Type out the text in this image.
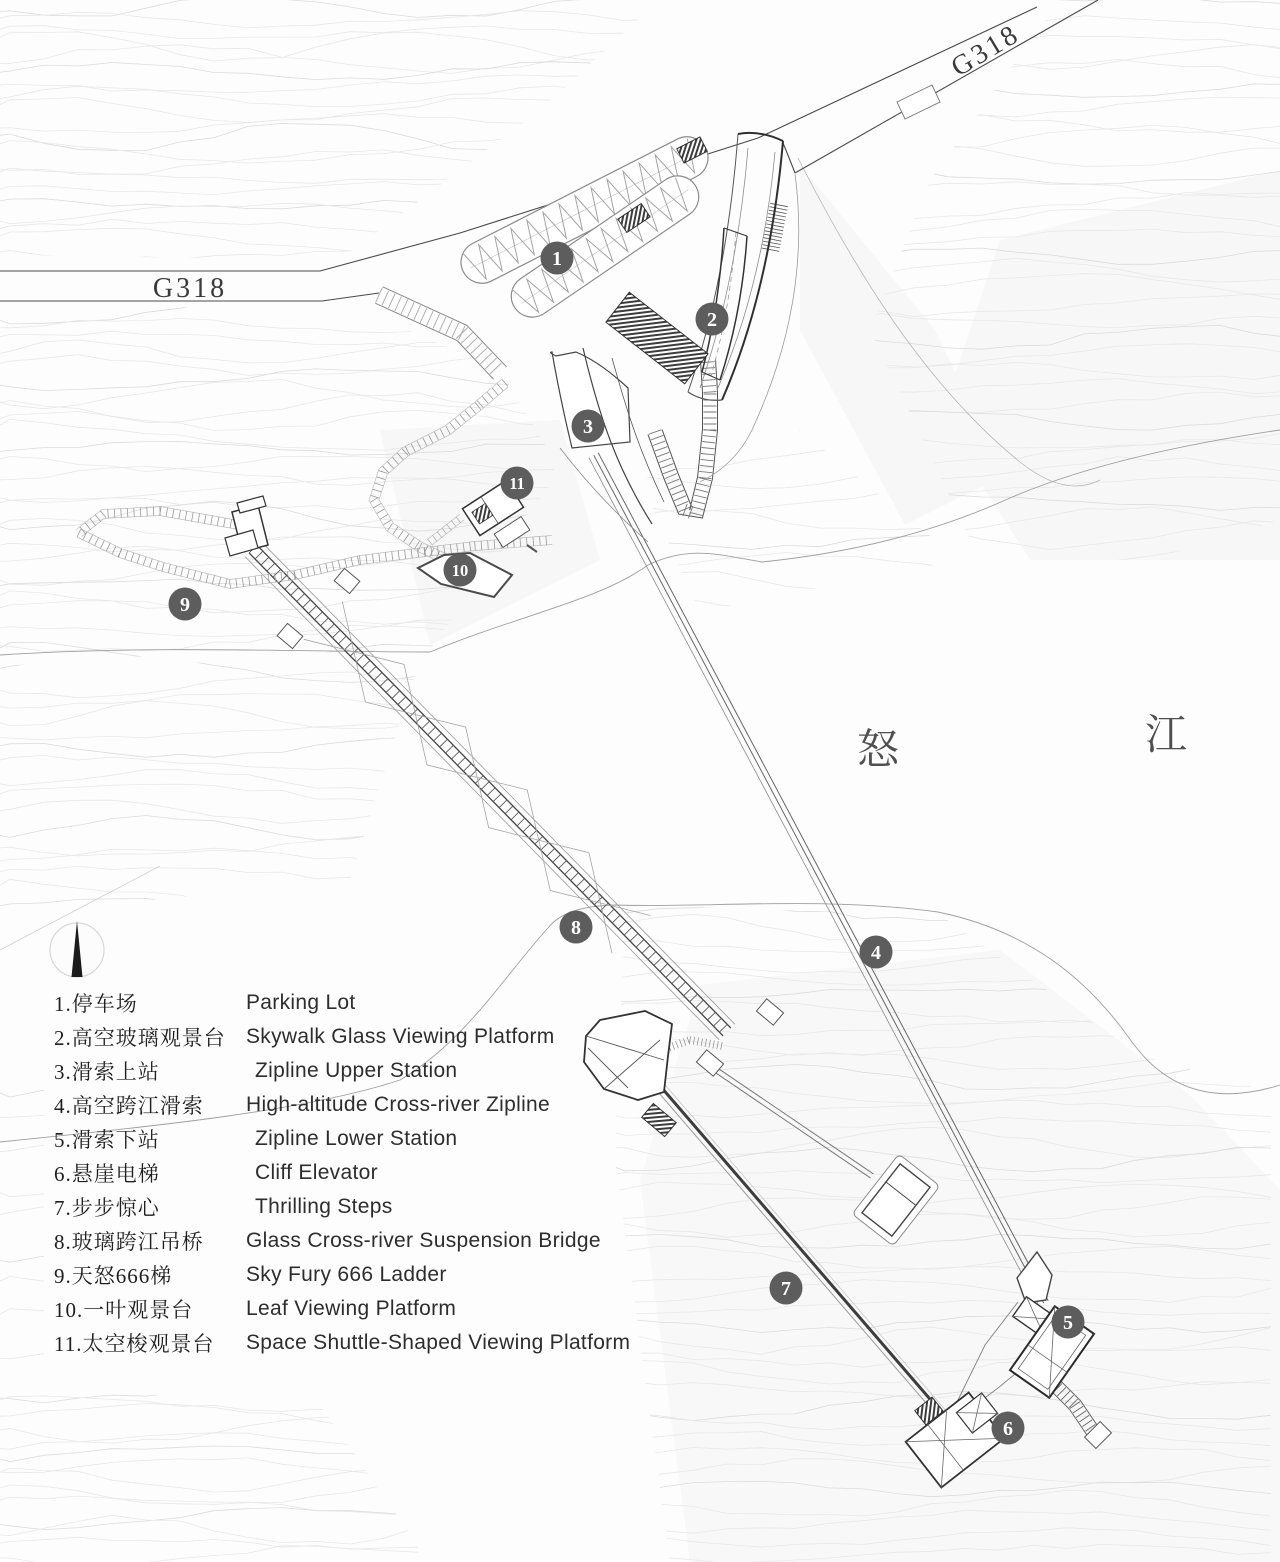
1
2
3
4
5
6
7
8
9
10
11
G318
G318
怒	江
1.停车场	Parking Lot
2.高空玻璃观景台 Skywalk Glass Viewing Platform
3.滑索上站	Zipline Upper Station
4.高空跨江滑索	High-altitude Cross-river Zipline
5.滑索下站	Zipline Lower Station
6.悬崖电梯	Cliff Elevator
7.步步惊心	Thrilling Steps
8.玻璃跨江吊桥	Glass Cross-river Suspension Bridge
9.天怒666梯	Sky Fury 666 Ladder
10.一叶观景台	Leaf Viewing Platform
11.太空梭观景台	Space Shuttle-Shaped Viewing Platform
